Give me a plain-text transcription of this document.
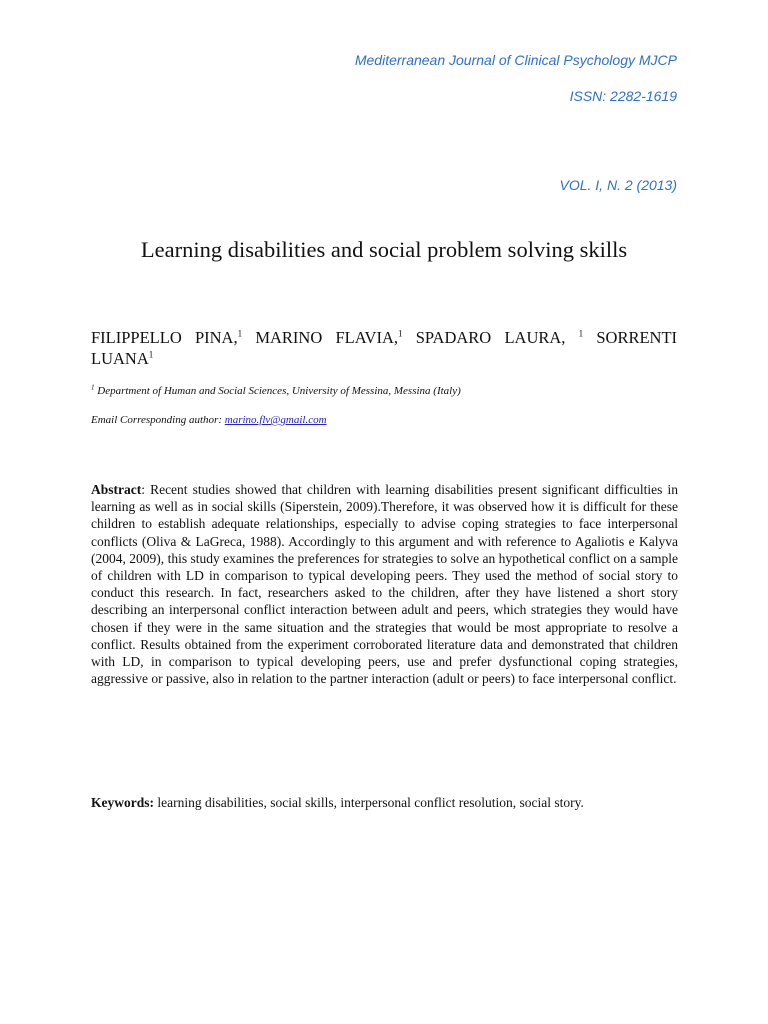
Mediterranean Journal of Clinical Psychology MJCP
ISSN: 2282-1619
VOL. I, N. 2 (2013)
Learning disabilities and social problem solving skills
FILIPPELLO PINA,$^1$ MARINO FLAVIA,$^1$ SPADARO LAURA, $^1$ SORRENTI LUANA$^1$
$^1$ Department of Human and Social Sciences, University of Messina, Messina (Italy)
Email Corresponding author: marino.flv@gmail.com
Abstract: Recent studies showed that children with learning disabilities present significant difficulties in learning as well as in social skills (Siperstein, 2009).Therefore, it was observed how it is difficult for these children to establish adequate relationships, especially to advise coping strategies to face interpersonal conflicts (Oliva & LaGreca, 1988). Accordingly to this argument and with reference to Agaliotis e Kalyva (2004, 2009), this study examines the preferences for strategies to solve an hypothetical conflict on a sample of children with LD in comparison to typical developing peers. They used the method of social story to conduct this research. In fact, researchers asked to the children, after they have listened a short story describing an interpersonal conflict interaction between adult and peers, which strategies they would have chosen if they were in the same situation and the strategies that would be most appropriate to resolve a conflict. Results obtained from the experiment corroborated literature data and demonstrated that children with LD, in comparison to typical developing peers, use and prefer dysfunctional coping strategies, aggressive or passive, also in relation to the partner interaction (adult or peers) to face interpersonal conflict.
Keywords: learning disabilities, social skills, interpersonal conflict resolution, social story.
